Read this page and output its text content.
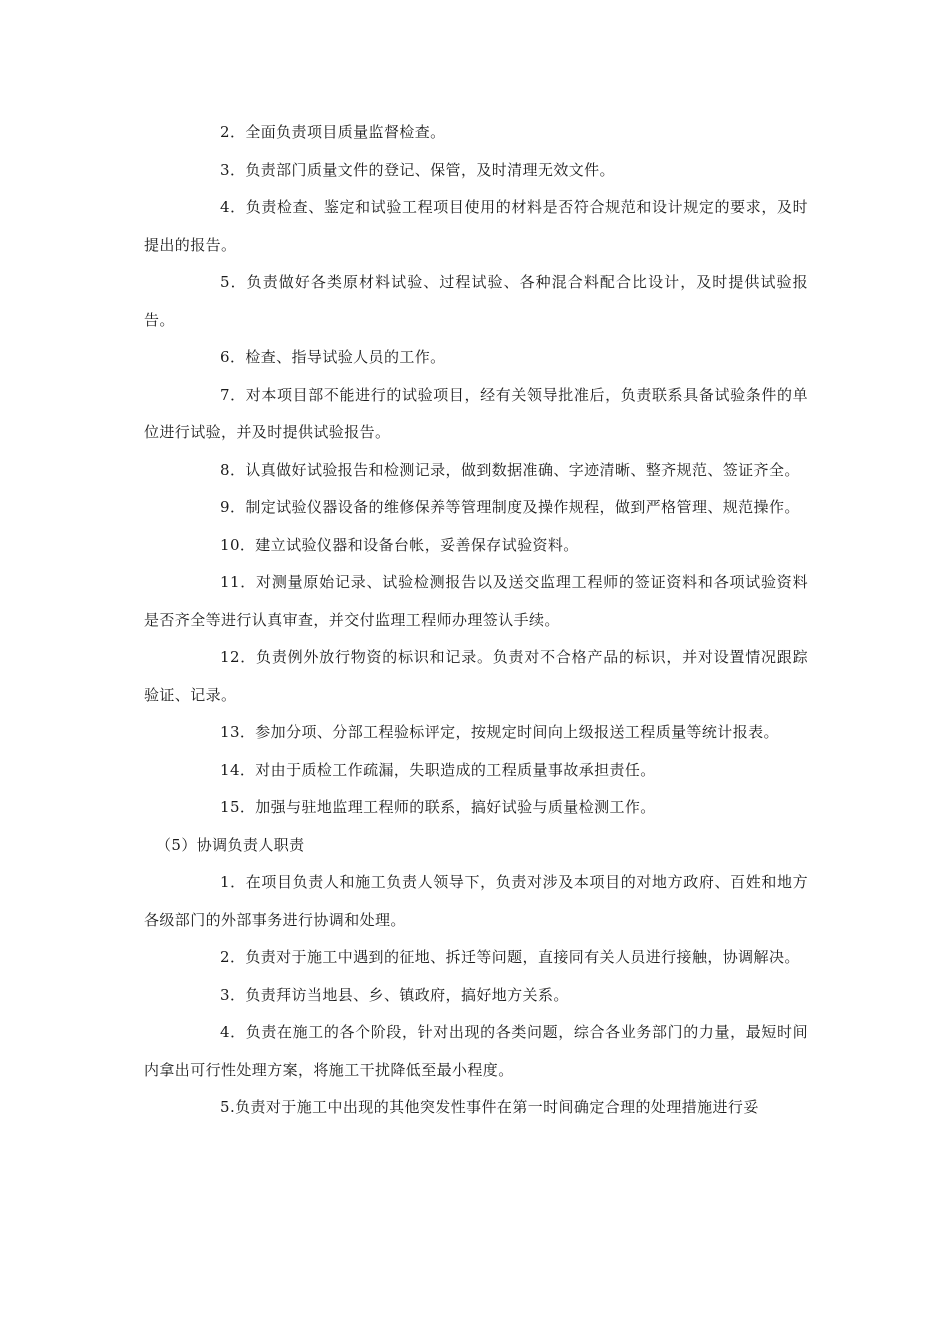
2．全面负责项目质量监督检查。

3．负责部门质量文件的登记、保管，及时清理无效文件。

4．负责检查、鉴定和试验工程项目使用的材料是否符合规范和设计规定的要求，及时提出的报告。

5．负责做好各类原材料试验、过程试验、各种混合料配合比设计，及时提供试验报告。

6．检查、指导试验人员的工作。

7．对本项目部不能进行的试验项目，经有关领导批准后，负责联系具备试验条件的单位进行试验，并及时提供试验报告。

8．认真做好试验报告和检测记录，做到数据准确、字迹清晰、整齐规范、签证齐全。

9．制定试验仪器设备的维修保养等管理制度及操作规程，做到严格管理、规范操作。

10．建立试验仪器和设备台帐，妥善保存试验资料。

11．对测量原始记录、试验检测报告以及送交监理工程师的签证资料和各项试验资料是否齐全等进行认真审查，并交付监理工程师办理签认手续。

12．负责例外放行物资的标识和记录。负责对不合格产品的标识，并对设置情况跟踪验证、记录。

13．参加分项、分部工程验标评定，按规定时间向上级报送工程质量等统计报表。

14．对由于质检工作疏漏，失职造成的工程质量事故承担责任。

15．加强与驻地监理工程师的联系，搞好试验与质量检测工作。

（5）协调负责人职责

1．在项目负责人和施工负责人领导下，负责对涉及本项目的对地方政府、百姓和地方各级部门的外部事务进行协调和处理。

2．负责对于施工中遇到的征地、拆迁等问题，直接同有关人员进行接触，协调解决。

3．负责拜访当地县、乡、镇政府，搞好地方关系。

4．负责在施工的各个阶段，针对出现的各类问题，综合各业务部门的力量，最短时间内拿出可行性处理方案，将施工干扰降低至最小程度。

5.负责对于施工中出现的其他突发性事件在第一时间确定合理的处理措施进行妥
